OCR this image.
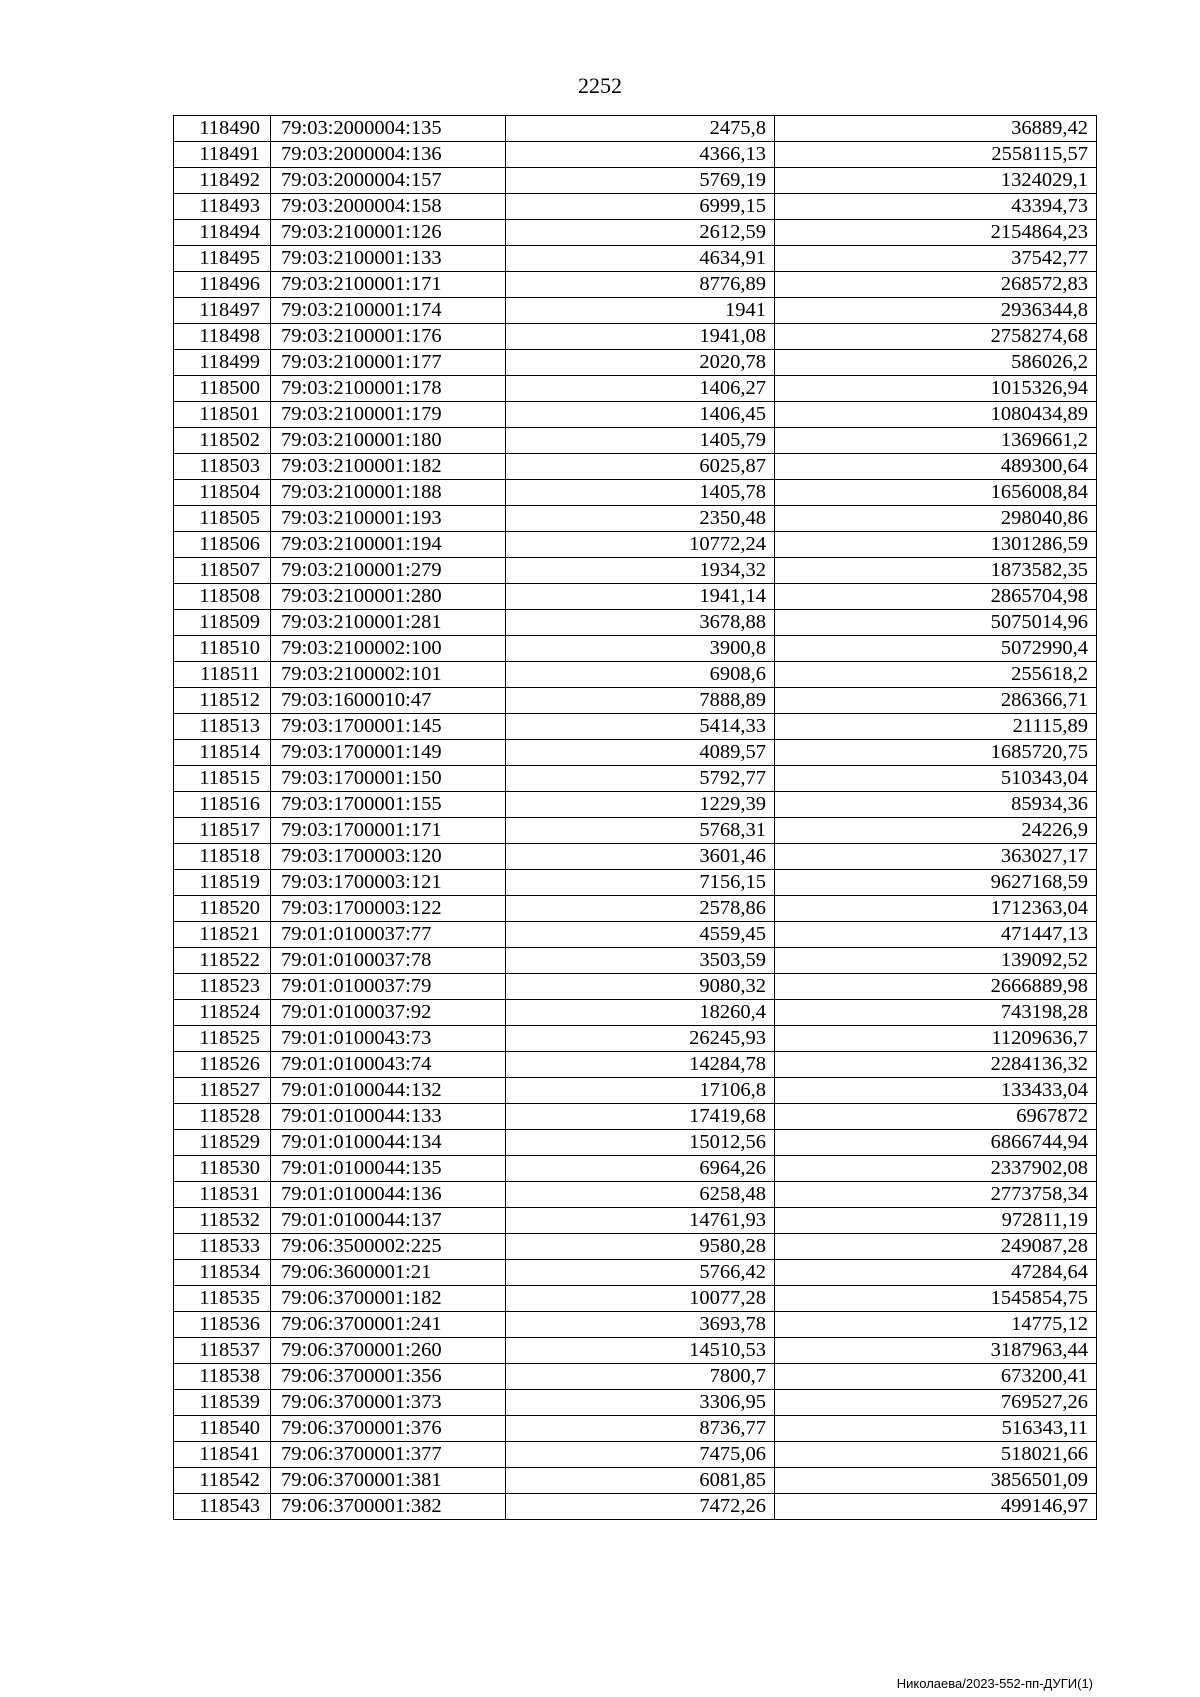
2252
118490	79:03:2000004:135	2475,8	36889,42
118491	79:03:2000004:136	4366,13	2558115,57
118492	79:03:2000004:157	5769,19	1324029,1
118493	79:03:2000004:158	6999,15	43394,73
118494	79:03:2100001:126	2612,59	2154864,23
118495	79:03:2100001:133	4634,91	37542,77
118496	79:03:2100001:171	8776,89	268572,83
118497	79:03:2100001:174	1941	2936344,8
118498	79:03:2100001:176	1941,08	2758274,68
118499	79:03:2100001:177	2020,78	586026,2
118500	79:03:2100001:178	1406,27	1015326,94
118501	79:03:2100001:179	1406,45	1080434,89
118502	79:03:2100001:180	1405,79	1369661,2
118503	79:03:2100001:182	6025,87	489300,64
118504	79:03:2100001:188	1405,78	1656008,84
118505	79:03:2100001:193	2350,48	298040,86
118506	79:03:2100001:194	10772,24	1301286,59
118507	79:03:2100001:279	1934,32	1873582,35
118508	79:03:2100001:280	1941,14	2865704,98
118509	79:03:2100001:281	3678,88	5075014,96
118510	79:03:2100002:100	3900,8	5072990,4
118511	79:03:2100002:101	6908,6	255618,2
118512	79:03:1600010:47	7888,89	286366,71
118513	79:03:1700001:145	5414,33	21115,89
118514	79:03:1700001:149	4089,57	1685720,75
118515	79:03:1700001:150	5792,77	510343,04
118516	79:03:1700001:155	1229,39	85934,36
118517	79:03:1700001:171	5768,31	24226,9
118518	79:03:1700003:120	3601,46	363027,17
118519	79:03:1700003:121	7156,15	9627168,59
118520	79:03:1700003:122	2578,86	1712363,04
118521	79:01:0100037:77	4559,45	471447,13
118522	79:01:0100037:78	3503,59	139092,52
118523	79:01:0100037:79	9080,32	2666889,98
118524	79:01:0100037:92	18260,4	743198,28
118525	79:01:0100043:73	26245,93	11209636,7
118526	79:01:0100043:74	14284,78	2284136,32
118527	79:01:0100044:132	17106,8	133433,04
118528	79:01:0100044:133	17419,68	6967872
118529	79:01:0100044:134	15012,56	6866744,94
118530	79:01:0100044:135	6964,26	2337902,08
118531	79:01:0100044:136	6258,48	2773758,34
118532	79:01:0100044:137	14761,93	972811,19
118533	79:06:3500002:225	9580,28	249087,28
118534	79:06:3600001:21	5766,42	47284,64
118535	79:06:3700001:182	10077,28	1545854,75
118536	79:06:3700001:241	3693,78	14775,12
118537	79:06:3700001:260	14510,53	3187963,44
118538	79:06:3700001:356	7800,7	673200,41
118539	79:06:3700001:373	3306,95	769527,26
118540	79:06:3700001:376	8736,77	516343,11
118541	79:06:3700001:377	7475,06	518021,66
118542	79:06:3700001:381	6081,85	3856501,09
118543	79:06:3700001:382	7472,26	499146,97
Николаева/2023-552-пп-ДУГИ(1)
